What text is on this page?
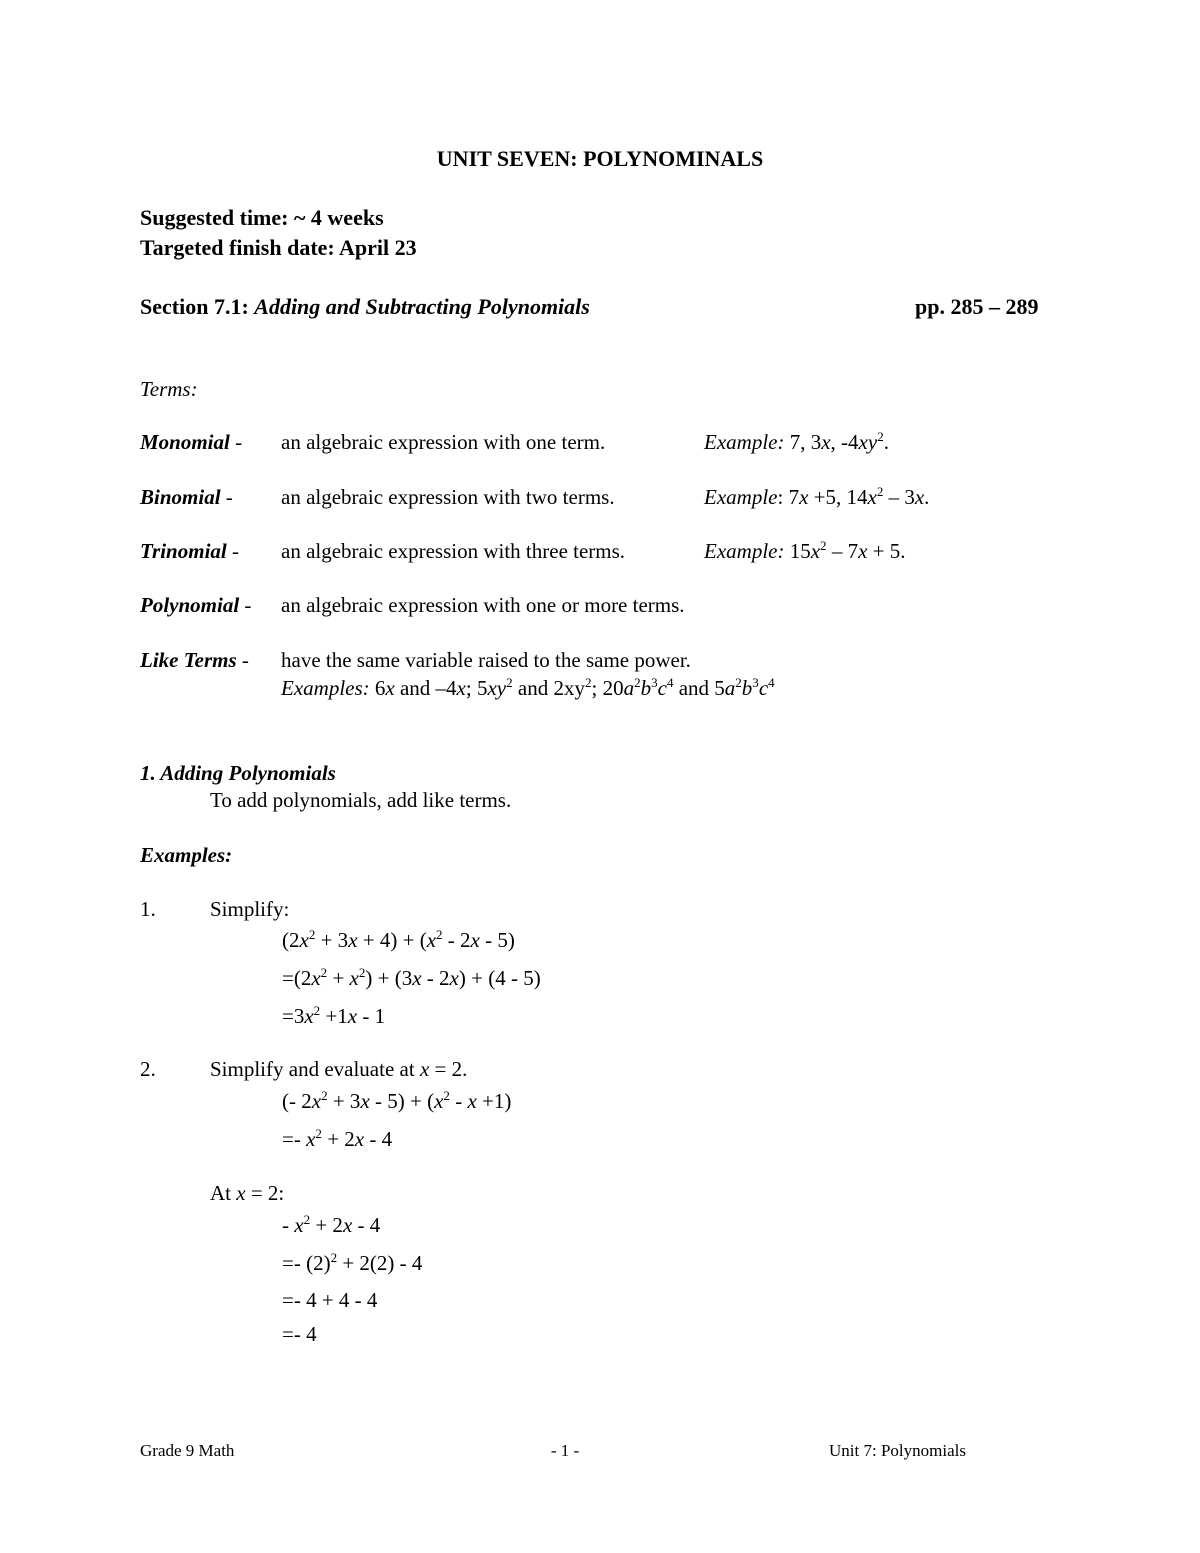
UNIT SEVEN: POLYNOMINALS
Suggested time: ~ 4 weeks
Targeted finish date: April 23
Section 7.1: Adding and Subtracting Polynomials	pp. 285 – 289
Terms:
Monomial - an algebraic expression with one term.	Example: 7, 3x, $-4xy^2$.
Binomial - an algebraic expression with two terms.	Example: 7x +5, $14x^2 - 3x$.
Trinomial - an algebraic expression with three terms.	Example: $15x^2 - 7x + 5$.
Polynomial - an algebraic expression with one or more terms.
Like Terms - have the same variable raised to the same power.
Examples: 6x and –4x; $5xy^2$ and $2xy^2$; $20a^2b^3c^4$ and $5a^2b^3c^4$
1. Adding Polynomials
To add polynomials, add like terms.
Examples:
1.	Simplify:
$(2x^2 + 3x + 4) + (x^2 - 2x - 5)$
$=(2x^2 + x^2) + (3x - 2x) + (4 - 5)$
$=3x^2 +1x - 1$
2.	Simplify and evaluate at x = 2.
(- $2x^2 + 3x - 5) + (x^2 - x +1)$
=- $x^2 + 2x - 4$
At x = 2:
- $x^2 + 2x - 4$
=- $(2)^2 + 2(2) - 4$
=- 4 + 4 - 4
=- 4
Grade 9 Math	- 1 -	Unit 7: Polynomials
